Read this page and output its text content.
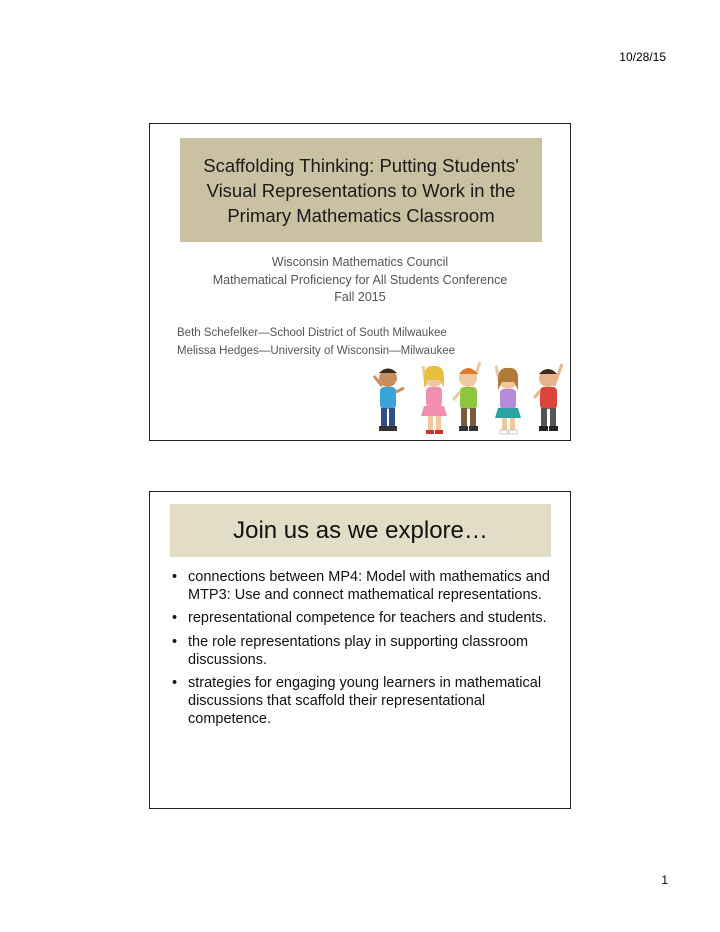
10/28/15
Scaffolding Thinking: Putting Students'
Visual Representations to Work in the
Primary Mathematics Classroom
Wisconsin Mathematics Council
Mathematical Proficiency for All Students Conference
Fall 2015
Beth Schefelker—School District of South Milwaukee
Melissa Hedges—University of Wisconsin—Milwaukee
Join us as we explore…
• connections between MP4: Model with mathematics and MTP3: Use and connect mathematical representations.
• representational competence for teachers and students.
• the role representations play in supporting classroom discussions.
• strategies for engaging young learners in mathematical discussions that scaffold their representational competence.
1
